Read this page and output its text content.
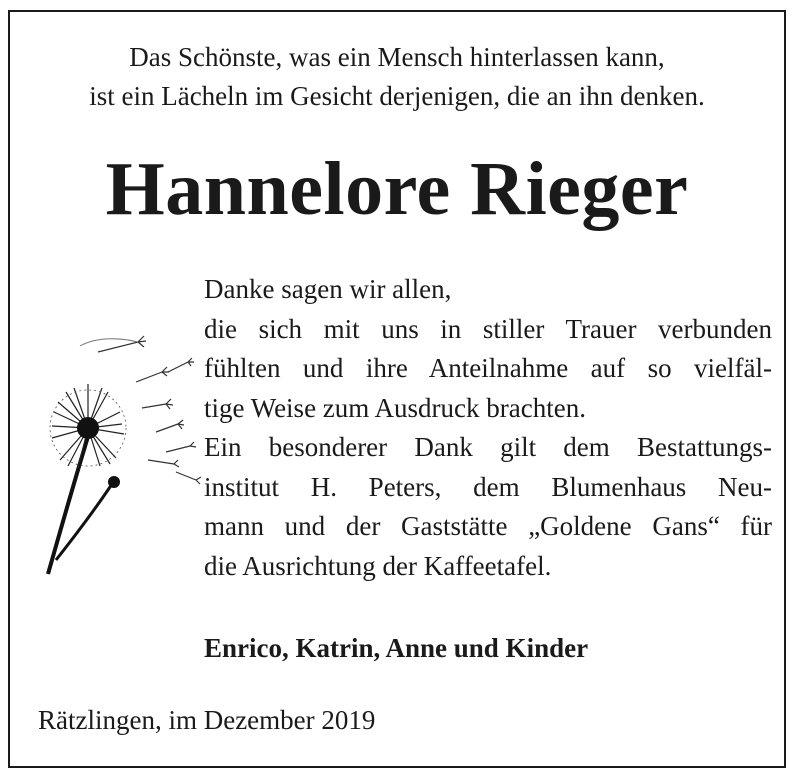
Das Schönste, was ein Mensch hinterlassen kann,
ist ein Lächeln im Gesicht derjenigen, die an ihn denken.
Hannelore Rieger
Danke sagen wir allen,
die sich mit uns in stiller Trauer verbunden
fühlten und ihre Anteilnahme auf so vielfäl-
tige Weise zum Ausdruck brachten.
Ein besonderer Dank gilt dem Bestattungs-
institut H. Peters, dem Blumenhaus Neu-
mann und der Gaststätte „Goldene Gans“ für
die Ausrichtung der Kaffeetafel.
Enrico, Katrin, Anne und Kinder
Rätzlingen, im Dezember 2019
